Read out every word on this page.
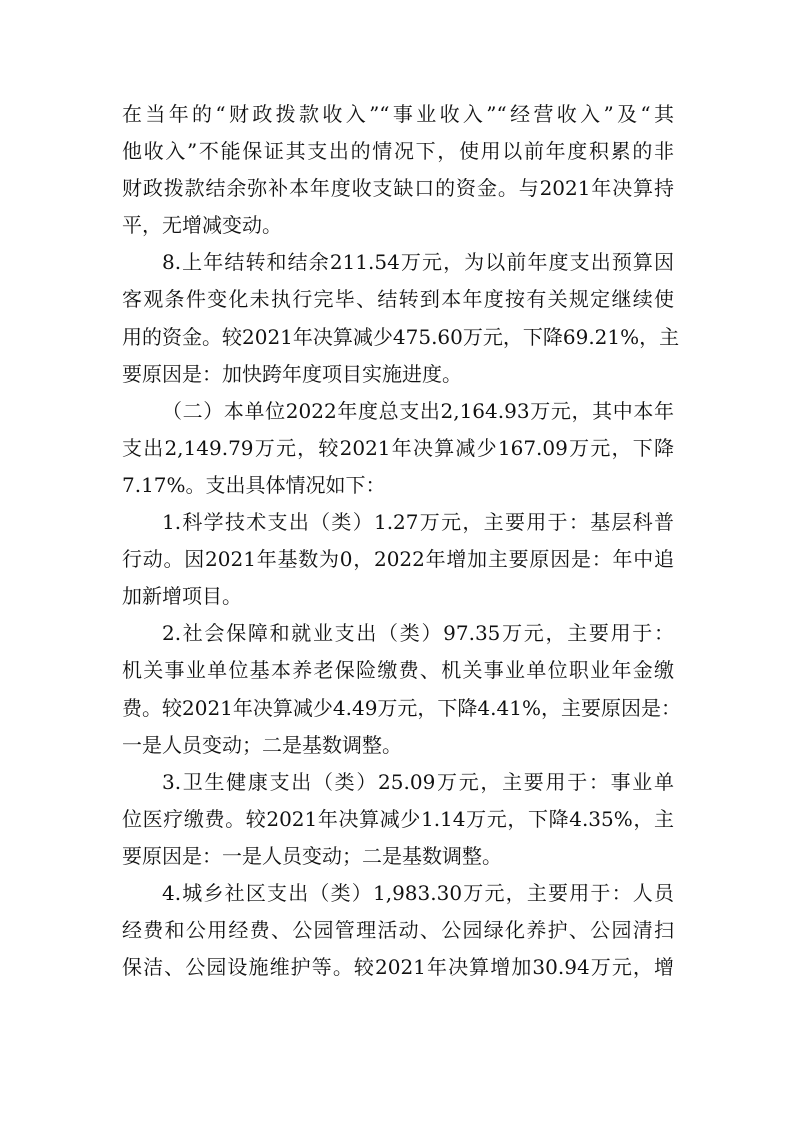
在当年的“财政拨款收入”“事业收入”“经营收入”及“其
他收入”不能保证其支出的情况下，使用以前年度积累的非
财政拨款结余弥补本年度收支缺口的资金。与2021年决算持
平，无增减变动。
8.上年结转和结余211.54万元，为以前年度支出预算因
客观条件变化未执行完毕、结转到本年度按有关规定继续使
用的资金。较2021年决算减少475.60万元，下降69.21%，主
要原因是：加快跨年度项目实施进度。
（二）本单位2022年度总支出2,164.93万元，其中本年
支出2,149.79万元，较2021年决算减少167.09万元，下降
7.17%。支出具体情况如下：
1.科学技术支出（类）1.27万元，主要用于：基层科普
行动。因2021年基数为0，2022年增加主要原因是：年中追
加新增项目。
2.社会保障和就业支出（类）97.35万元，主要用于：
机关事业单位基本养老保险缴费、机关事业单位职业年金缴
费。较2021年决算减少4.49万元，下降4.41%，主要原因是：
一是人员变动；二是基数调整。
3.卫生健康支出（类）25.09万元，主要用于：事业单
位医疗缴费。较2021年决算减少1.14万元，下降4.35%，主
要原因是：一是人员变动；二是基数调整。
4.城乡社区支出（类）1,983.30万元，主要用于：人员
经费和公用经费、公园管理活动、公园绿化养护、公园清扫
保洁、公园设施维护等。较2021年决算增加30.94万元，增
